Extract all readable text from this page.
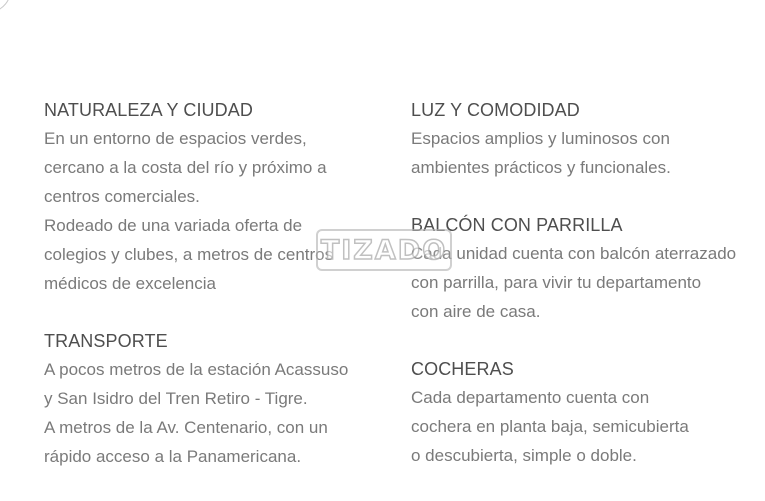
NATURALEZA Y CIUDAD

En un entorno de espacios verdes,
cercano a la costa del río y próximo a
centros comerciales.
Rodeado de una variada oferta de
colegios y clubes, a metros de centros
médicos de excelencia

TRANSPORTE

A pocos metros de la estación Acassuso
y San Isidro del Tren Retiro - Tigre.
A metros de la Av. Centenario, con un
rápido acceso a la Panamericana.

LUZ Y COMODIDAD

Espacios amplios y luminosos con
ambientes prácticos y funcionales.

BALCÓN CON PARRILLA

Cada unidad cuenta con balcón aterrazado
con parrilla, para vivir tu departamento
con aire de casa.

COCHERAS

Cada departamento cuenta con
cochera en planta baja, semicubierta
o descubierta, simple o doble.

TIZADO
